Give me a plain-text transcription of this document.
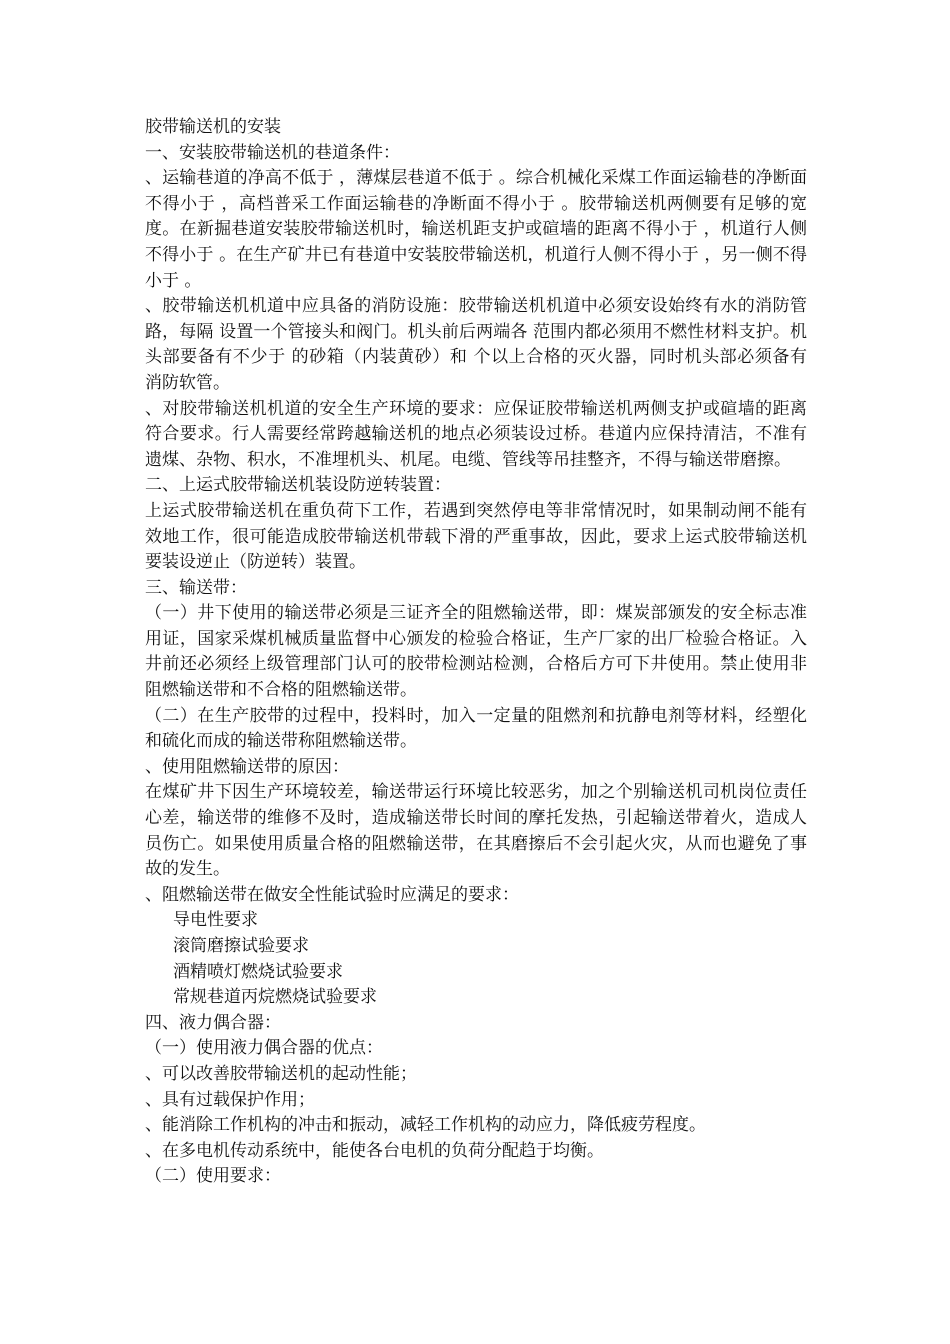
胶带输送机的安装

一、安装胶带输送机的巷道条件：

、运输巷道的净高不低于 ，薄煤层巷道不低于 。综合机械化采煤工作面运输巷的净断面不得小于 ，高档普采工作面运输巷的净断面不得小于 。胶带输送机两侧要有足够的宽度。在新掘巷道安装胶带输送机时，输送机距支护或碹墙的距离不得小于 ，机道行人侧不得小于 。在生产矿井已有巷道中安装胶带输送机，机道行人侧不得小于 ，另一侧不得小于 。

、胶带输送机机道中应具备的消防设施：胶带输送机机道中必须安设始终有水的消防管路，每隔 设置一个管接头和阀门。机头前后两端各 范围内都必须用不燃性材料支护。机头部要备有不少于 的砂箱（内装黄砂）和 个以上合格的灭火器，同时机头部必须备有 消防软管。

、对胶带输送机机道的安全生产环境的要求：应保证胶带输送机两侧支护或碹墙的距离符合要求。行人需要经常跨越输送机的地点必须装设过桥。巷道内应保持清洁，不准有遗煤、杂物、积水，不准埋机头、机尾。电缆、管线等吊挂整齐，不得与输送带磨擦。

二、上运式胶带输送机装设防逆转装置：

上运式胶带输送机在重负荷下工作，若遇到突然停电等非常情况时，如果制动闸不能有效地工作，很可能造成胶带输送机带载下滑的严重事故，因此，要求上运式胶带输送机要装设逆止（防逆转）装置。

三、输送带：

（一）井下使用的输送带必须是三证齐全的阻燃输送带，即：煤炭部颁发的安全标志准用证，国家采煤机械质量监督中心颁发的检验合格证，生产厂家的出厂检验合格证。入井前还必须经上级管理部门认可的胶带检测站检测，合格后方可下井使用。禁止使用非阻燃输送带和不合格的阻燃输送带。

（二）在生产胶带的过程中，投料时，加入一定量的阻燃剂和抗静电剂等材料，经塑化和硫化而成的输送带称阻燃输送带。

、使用阻燃输送带的原因：

在煤矿井下因生产环境较差，输送带运行环境比较恶劣，加之个别输送机司机岗位责任心差，输送带的维修不及时，造成输送带长时间的摩托发热，引起输送带着火，造成人员伤亡。如果使用质量合格的阻燃输送带，在其磨擦后不会引起火灾，从而也避免了事故的发生。

、阻燃输送带在做安全性能试验时应满足的要求：

导电性要求

滚筒磨擦试验要求

酒精喷灯燃烧试验要求

常规巷道丙烷燃烧试验要求

四、液力偶合器：

（一）使用液力偶合器的优点：

、可以改善胶带输送机的起动性能；

、具有过载保护作用；

、能消除工作机构的冲击和振动，减轻工作机构的动应力，降低疲劳程度。

、在多电机传动系统中，能使各台电机的负荷分配趋于均衡。

（二）使用要求：
